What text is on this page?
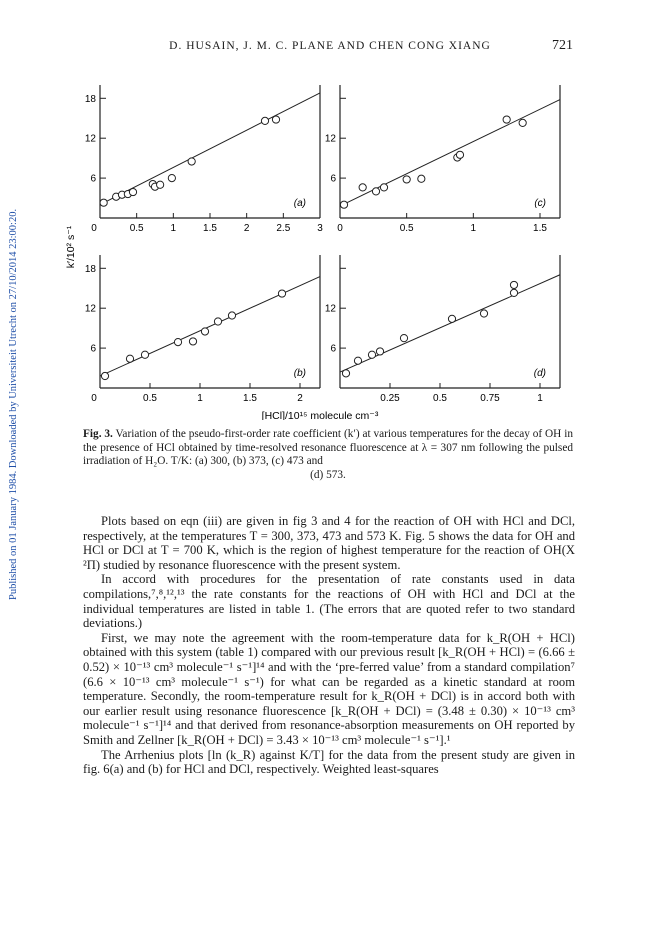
D. HUSAIN, J. M. C. PLANE AND CHEN CONG XIANG	721
Published on 01 January 1984. Downloaded by Universiteit Utrecht on 27/10/2014 23:00:20.	k′/10² s⁻¹
[HCl]/10¹⁵ molecule cm⁻³
6
12
18
0.5	1	1.5	2	2.5	3
0
(a)
6
12
0	0.5	1	1.5
(c)
6
12
18
0.5	1	1.5	2
0
(b)
6
12
0.25	0.5	0.75	1
(d)
Fig. 3. Variation of the pseudo-first-order rate coefficient (k′) at various temperatures for the decay of OH in the presence of HCl obtained by time-resolved resonance fluorescence at λ = 307 nm following the pulsed irradiation of H₂O. T/K: (a) 300, (b) 373, (c) 473 and
(d) 573.

Plots based on eqn (iii) are given in fig 3 and 4 for the reaction of OH with HCl and DCl, respectively, at the temperatures T = 300, 373, 473 and 573 K. Fig. 5 shows the data for OH and HCl or DCl at T = 700 K, which is the region of highest temperature for the reaction of OH(X ²Π) studied by resonance fluorescence with the present system.

In accord with procedures for the presentation of rate constants used in data compilations,⁷,⁸,¹²,¹³ the rate constants for the reactions of OH with HCl and DCl at the individual temperatures are listed in table 1. (The errors that are quoted refer to two standard deviations.)

First, we may note the agreement with the room-temperature data for k_R(OH + HCl) obtained with this system (table 1) compared with our previous result [k_R(OH + HCl) = (6.66 ± 0.52) × 10⁻¹³ cm³ molecule⁻¹ s⁻¹]¹⁴ and with the ‘pre-ferred value’ from a standard compilation⁷ (6.6 × 10⁻¹³ cm³ molecule⁻¹ s⁻¹) for what can be regarded as a kinetic standard at room temperature. Secondly, the room-temperature result for k_R(OH + DCl) is in accord both with our earlier result using resonance fluorescence [k_R(OH + DCl) = (3.48 ± 0.30) × 10⁻¹³ cm³ molecule⁻¹ s⁻¹]¹⁴ and that derived from resonance-absorption measurements on OH reported by Smith and Zellner [k_R(OH + DCl) = 3.43 × 10⁻¹³ cm³ molecule⁻¹ s⁻¹].¹

The Arrhenius plots [ln (k_R) against K/T] for the data from the present study are given in fig. 6(a) and (b) for HCl and DCl, respectively. Weighted least-squares
